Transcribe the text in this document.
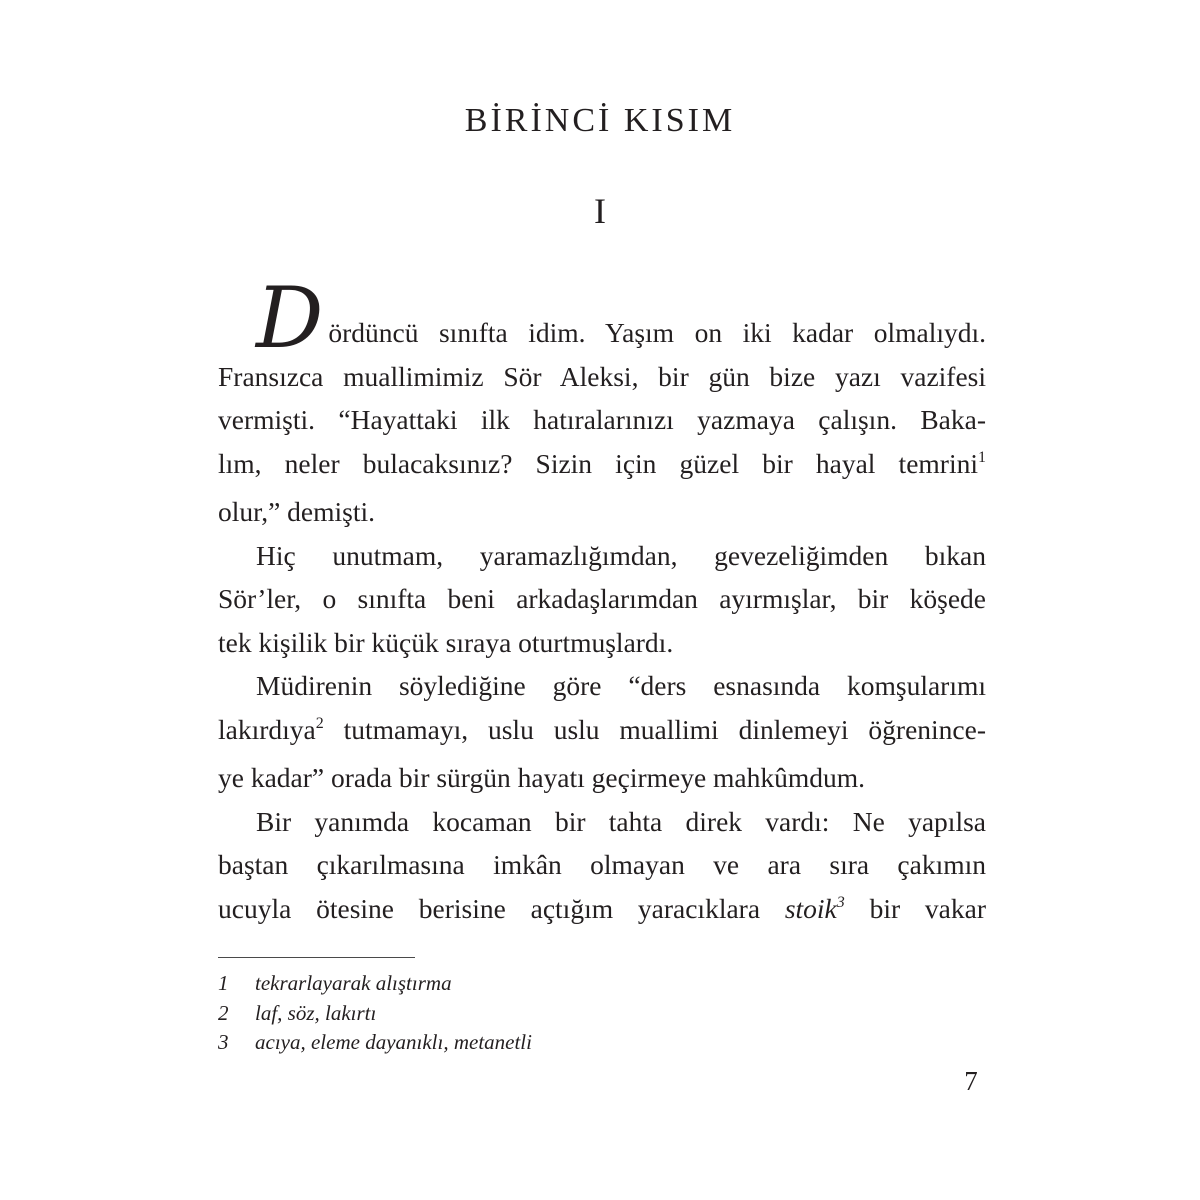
BİRİNCİ KISIM
I
Dördüncü sınıfta idim. Yaşım on iki kadar olmalıydı.
Fransızca muallimimiz Sör Aleksi, bir gün bize yazı vazifesi
vermişti. “Hayattaki ilk hatıralarınızı yazmaya çalışın. Baka-
lım, neler bulacaksınız? Sizin için güzel bir hayal temrini$^1$
olur,” demişti.
Hiç unutmam, yaramazlığımdan, gevezeliğimden bıkan
Sör’ler, o sınıfta beni arkadaşlarımdan ayırmışlar, bir köşede
tek kişilik bir küçük sıraya oturtmuşlardı.
Müdirenin söylediğine göre “ders esnasında komşularımı
lakırdıya$^2$ tutmamayı, uslu uslu muallimi dinlemeyi öğrenince-
ye kadar” orada bir sürgün hayatı geçirmeye mahkûmdum.
Bir yanımda kocaman bir tahta direk vardı: Ne yapılsa
baştan çıkarılmasına imkân olmayan ve ara sıra çakımın
ucuyla ötesine berisine açtığım yaracıklara stoik$^3$ bir vakar
1	tekrarlayarak alıştırma
2	laf, söz, lakırtı
3	acıya, eleme dayanıklı, metanetli
7
